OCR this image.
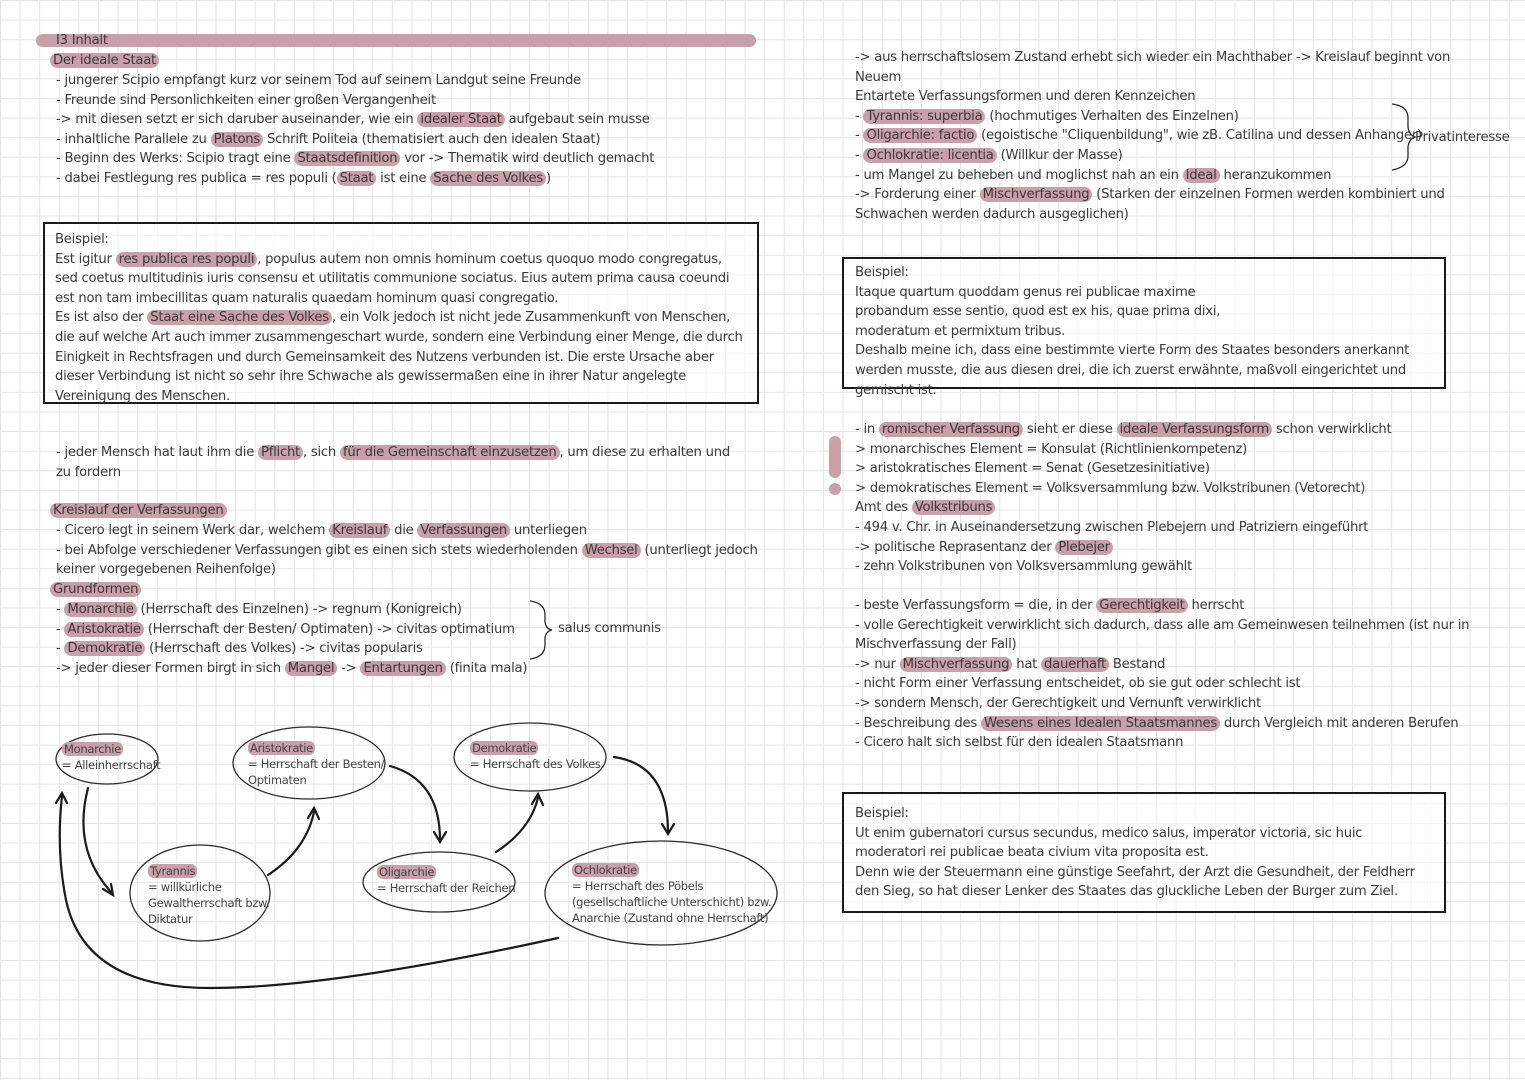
I3 Inhalt
Der ideale Staat
- jungerer Scipio empfangt kurz vor seinem Tod auf seinem Landgut seine Freunde
- Freunde sind Personlichkeiten einer großen Vergangenheit
-> mit diesen setzt er sich daruber auseinander, wie ein idealer Staat aufgebaut sein musse
- inhaltliche Parallele zu Platons Schrift Politeia (thematisiert auch den idealen Staat)
- Beginn des Werks: Scipio tragt eine Staatsdefinition vor -> Thematik wird deutlich gemacht
- dabei Festlegung res publica = res populi ( Staat ist eine Sache des Volkes )
Beispiel:
Est igitur res publica res populi , populus autem non omnis hominum coetus quoquo modo congregatus, sed coetus multitudinis iuris consensu et utilitatis communione sociatus. Eius autem prima causa coeundi est non tam imbecillitas quam naturalis quaedam hominum quasi congregatio.
Es ist also der Staat eine Sache des Volkes , ein Volk jedoch ist nicht jede Zusammenkunft von Menschen, die auf welche Art auch immer zusammengeschart wurde, sondern eine Verbindung einer Menge, die durch Einigkeit in Rechtsfragen und durch Gemeinsamkeit des Nutzens verbunden ist. Die erste Ursache aber dieser Verbindung ist nicht so sehr ihre Schwache als gewissermaßen eine in ihrer Natur angelegte Vereinigung des Menschen.
- jeder Mensch hat laut ihm die Pflicht , sich für die Gemeinschaft einzusetzen , um diese zu erhalten und zu fordern
Kreislauf der Verfassungen
- Cicero legt in seinem Werk dar, welchem Kreislauf die Verfassungen unterliegen
- bei Abfolge verschiedener Verfassungen gibt es einen sich stets wiederholenden Wechsel (unterliegt jedoch
keiner vorgegebenen Reihenfolge)
Grundformen
- Monarchie (Herrschaft des Einzelnen) -> regnum (Konigreich)
- Aristokratie (Herrschaft der Besten/ Optimaten) -> civitas optimatium
- Demokratie (Herrschaft des Volkes) -> civitas popularis
-> jeder dieser Formen birgt in sich Mangel -> Entartungen (finita mala)
salus communis
Monarchie
= Alleinherrschaft
Aristokratie
= Herrschaft der Besten/
Optimaten
Demokratie
= Herrschaft des Volkes
Tyrannis
= willkürliche
Gewaltherrschaft bzw.
Diktatur
Oligarchie
= Herrschaft der Reichen
Ochlokratie
= Herrschaft des Pöbels
(gesellschaftliche Unterschicht) bzw.
Anarchie (Zustand ohne Herrschaft)
-> aus herrschaftslosem Zustand erhebt sich wieder ein Machthaber -> Kreislauf beginnt von
Neuem
Entartete Verfassungsformen und deren Kennzeichen
- Tyrannis: superbia (hochmutiges Verhalten des Einzelnen)
- Oligarchie: factio (egoistische "Cliquenbildung", wie zB. Catilina und dessen Anhanger)
- Ochlokratie: licentia (Willkur der Masse)
- um Mangel zu beheben und moglichst nah an ein Ideal heranzukommen
-> Forderung einer Mischverfassung (Starken der einzelnen Formen werden kombiniert und
Schwachen werden dadurch ausgeglichen)
Privatinteresse
Beispiel:
Itaque quartum quoddam genus rei publicae maxime probandum esse sentio, quod est ex his, quae prima dixi, moderatum et permixtum tribus.
Deshalb meine ich, dass eine bestimmte vierte Form des Staates besonders anerkannt werden musste, die aus diesen drei, die ich zuerst erwähnte, maßvoll eingerichtet und gemischt ist.
- in romischer Verfassung sieht er diese ideale Verfassungsform schon verwirklicht
> monarchisches Element = Konsulat (Richtlinienkompetenz)
> aristokratisches Element = Senat (Gesetzesinitiative)
> demokratisches Element = Volksversammlung bzw. Volkstribunen (Vetorecht)
Amt des Volkstribuns
- 494 v. Chr. in Auseinandersetzung zwischen Plebejern und Patriziern eingeführt
-> politische Reprasentanz der Plebejer
- zehn Volkstribunen von Volksversammlung gewählt
- beste Verfassungsform = die, in der Gerechtigkeit herrscht
- volle Gerechtigkeit verwirklicht sich dadurch, dass alle am Gemeinwesen teilnehmen (ist nur in
Mischverfassung der Fall)
-> nur Mischverfassung hat dauerhaft Bestand
- nicht Form einer Verfassung entscheidet, ob sie gut oder schlecht ist
-> sondern Mensch, der Gerechtigkeit und Vernunft verwirklicht
- Beschreibung des Wesens eines Idealen Staatsmannes durch Vergleich mit anderen Berufen
- Cicero halt sich selbst für den idealen Staatsmann
Beispiel:
Ut enim gubernatori cursus secundus, medico salus, imperator victoria, sic huic moderatori rei publicae beata civium vita proposita est.
Denn wie der Steuermann eine günstige Seefahrt, der Arzt die Gesundheit, der Feldherr den Sieg, so hat dieser Lenker des Staates das gluckliche Leben der Burger zum Ziel.
